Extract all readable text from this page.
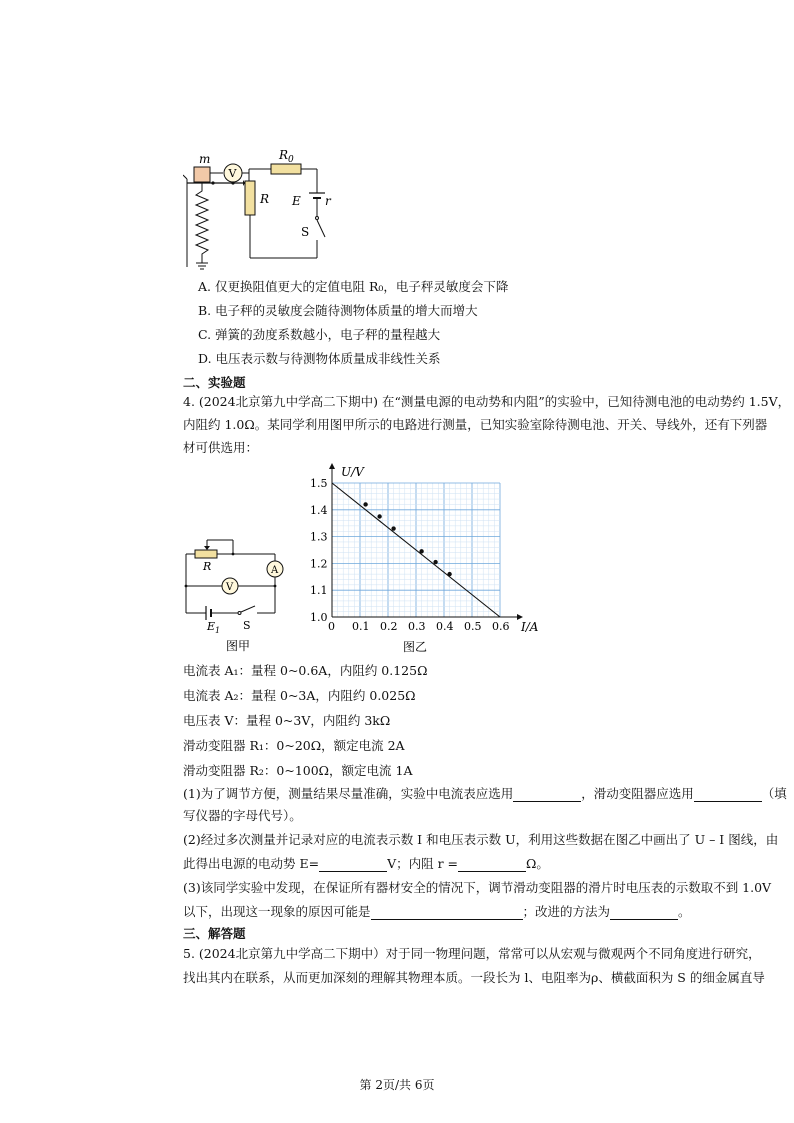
m
V
R
$R_0$
E r
S
A. 仅更换阻值更大的定值电阻 R₀，电子秤灵敏度会下降
B. 电子秤的灵敏度会随待测物体质量的增大而增大
C. 弹簧的劲度系数越小，电子秤的量程越大
D. 电压表示数与待测物体质量成非线性关系
二、实验题
4. (2024北京第九中学高二下期中) 在“测量电源的电动势和内阻”的实验中，已知待测电池的电动势约 1.5V，
内阻约 1.0Ω。某同学利用图甲所示的电路进行测量，已知实验室除待测电池、开关、导线外，还有下列器
材可供选用：
R	A
V
S
$E_1$
图甲
0 0.1 0.2 0.3 0.4 0.5 0.6
1.0
1.1
1.2
1.3
1.4
1.5
U/V
I/A
图乙
电流表 A₁：量程 0~0.6A，内阻约 0.125Ω
电流表 A₂：量程 0~3A，内阻约 0.025Ω
电压表 V：量程 0~3V，内阻约 3kΩ
滑动变阻器 R₁：0~20Ω，额定电流 2A
滑动变阻器 R₂：0~100Ω，额定电流 1A
(1)为了调节方便，测量结果尽量准确，实验中电流表应选用	，滑动变阻器应选用	（填
写仪器的字母代号）。
(2)经过多次测量并记录对应的电流表示数 I 和电压表示数 U，利用这些数据在图乙中画出了 U – I 图线，由
此得出电源的电动势 E=	V；内阻 r =	Ω。
(3)该同学实验中发现，在保证所有器材安全的情况下，调节滑动变阻器的滑片时电压表的示数取不到 1.0V
以下，出现这一现象的原因可能是	；改进的方法为	。
三、解答题
5. (2024北京第九中学高二下期中）对于同一物理问题，常常可以从宏观与微观两个不同角度进行研究，
找出其内在联系，从而更加深刻的理解其物理本质。一段长为 l、电阻率为ρ、横截面积为 S 的细金属直导
第 2页/共 6页
